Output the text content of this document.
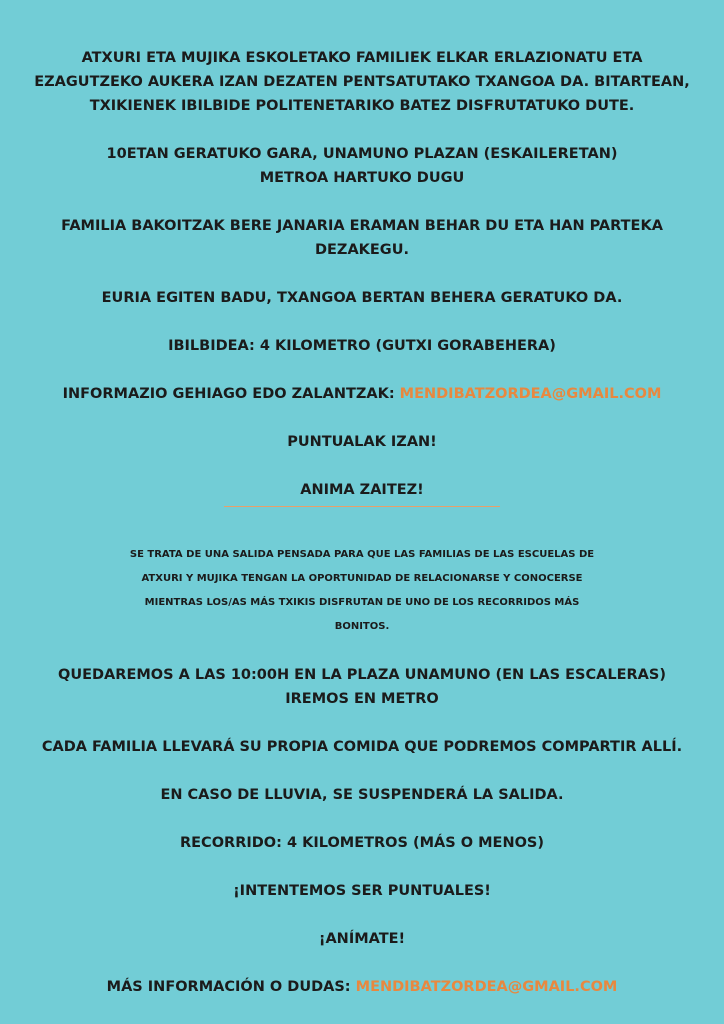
ATXURI ETA MUJIKA ESKOLETAKO FAMILIEK ELKAR ERLAZIONATU ETA
EZAGUTZEKO AUKERA IZAN DEZATEN PENTSATUTAKO TXANGOA DA. BITARTEAN,
TXIKIENEK IBILBIDE POLITENETARIKO BATEZ DISFRUTATUKO DUTE.
10ETAN GERATUKO GARA, UNAMUNO PLAZAN (ESKAILERETAN)
METROA HARTUKO DUGU
FAMILIA BAKOITZAK BERE JANARIA ERAMAN BEHAR DU ETA HAN PARTEKA
DEZAKEGU.
EURIA EGITEN BADU, TXANGOA BERTAN BEHERA GERATUKO DA.
IBILBIDEA: 4 KILOMETRO (GUTXI GORABEHERA)
INFORMAZIO GEHIAGO EDO ZALANTZAK: MENDIBATZORDEA@GMAIL.COM
PUNTUALAK IZAN!
ANIMA ZAITEZ!
SE TRATA DE UNA SALIDA PENSADA PARA QUE LAS FAMILIAS DE LAS ESCUELAS DE
ATXURI Y MUJIKA TENGAN LA OPORTUNIDAD DE RELACIONARSE Y CONOCERSE
MIENTRAS LOS/AS MÁS TXIKIS DISFRUTAN DE UNO DE LOS RECORRIDOS MÁS
BONITOS.
QUEDAREMOS A LAS 10:00H EN LA PLAZA UNAMUNO (EN LAS ESCALERAS)
IREMOS EN METRO
CADA FAMILIA LLEVARÁ SU PROPIA COMIDA QUE PODREMOS COMPARTIR ALLÍ.
EN CASO DE LLUVIA, SE SUSPENDERÁ LA SALIDA.
RECORRIDO: 4 KILOMETROS (MÁS O MENOS)
¡INTENTEMOS SER PUNTUALES!
¡ANÍMATE!
MÁS INFORMACIÓN O DUDAS: MENDIBATZORDEA@GMAIL.COM
